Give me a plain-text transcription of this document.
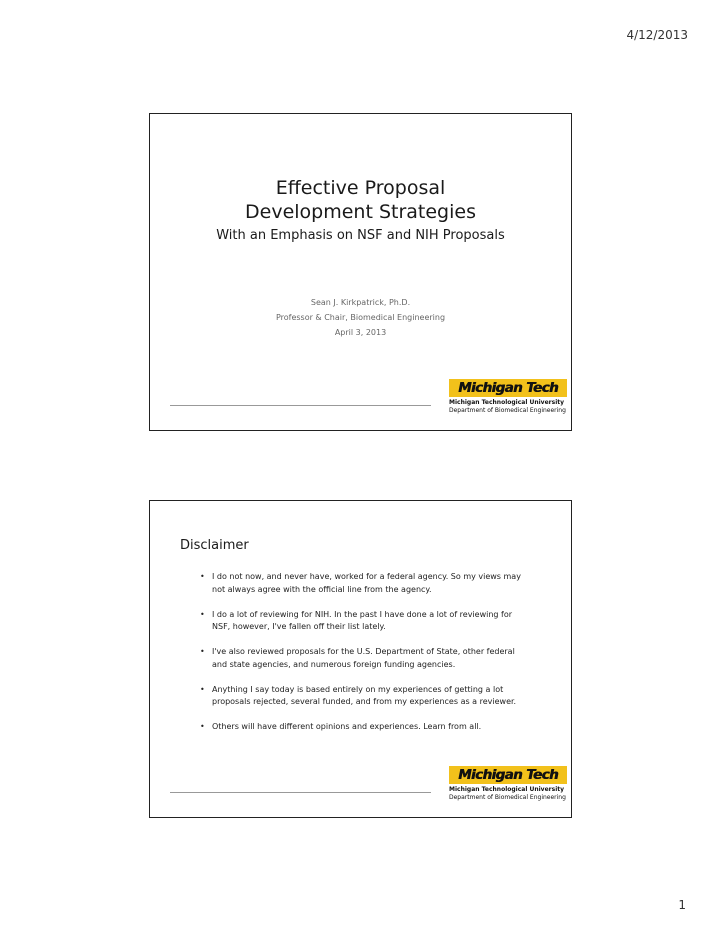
4/12/2013
Effective Proposal Development Strategies
With an Emphasis on NSF and NIH Proposals
Sean J. Kirkpatrick, Ph.D.
Professor & Chair, Biomedical Engineering
April 3, 2013
Michigan Tech
Michigan Technological University
Department of Biomedical Engineering
Disclaimer
• I do not now, and never have, worked for a federal agency. So my views may not always agree with the official line from the agency.
• I do a lot of reviewing for NIH. In the past I have done a lot of reviewing for NSF, however, I've fallen off their list lately.
• I've also reviewed proposals for the U.S. Department of State, other federal and state agencies, and numerous foreign funding agencies.
• Anything I say today is based entirely on my experiences of getting a lot proposals rejected, several funded, and from my experiences as a reviewer.
• Others will have different opinions and experiences. Learn from all.
Michigan Tech
Michigan Technological University
Department of Biomedical Engineering
1
